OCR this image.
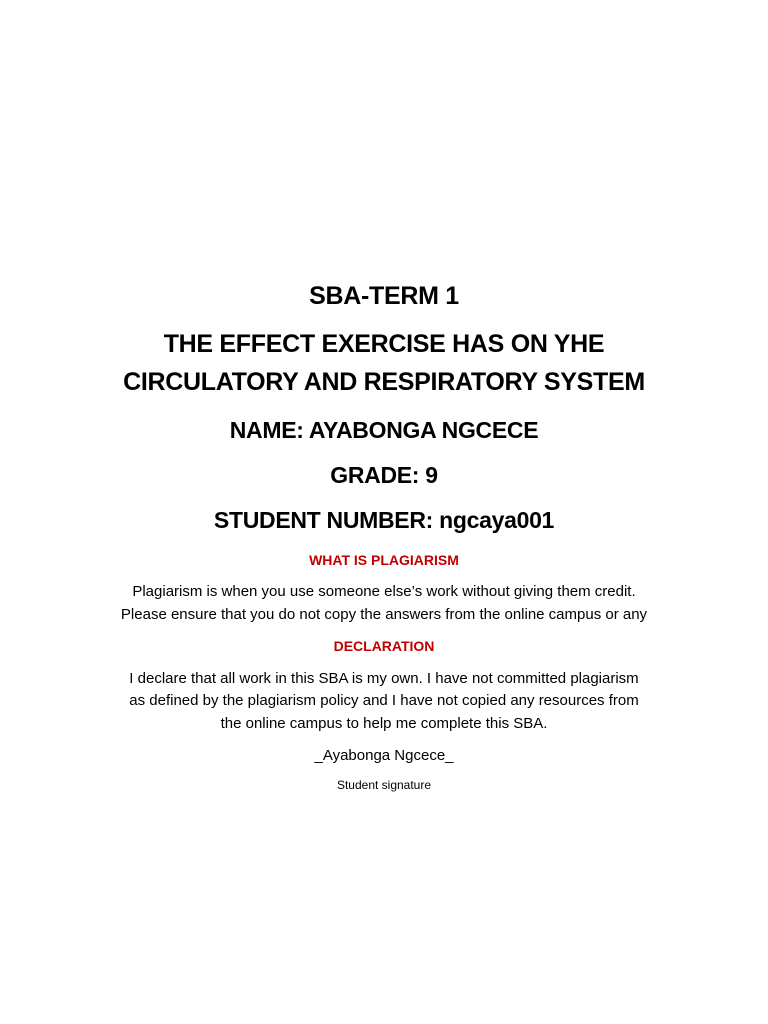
SBA-TERM 1
THE EFFECT EXERCISE HAS ON YHE
CIRCULATORY AND RESPIRATORY SYSTEM
NAME: AYABONGA NGCECE
GRADE: 9
STUDENT NUMBER: ngcaya001
WHAT IS PLAGIARISM
Plagiarism is when you use someone else’s work without giving them credit.
Please ensure that you do not copy the answers from the online campus or any
DECLARATION
I declare that all work in this SBA is my own. I have not committed plagiarism
as defined by the plagiarism policy and I have not copied any resources from
the online campus to help me complete this SBA.
_Ayabonga Ngcece_
Student signature
